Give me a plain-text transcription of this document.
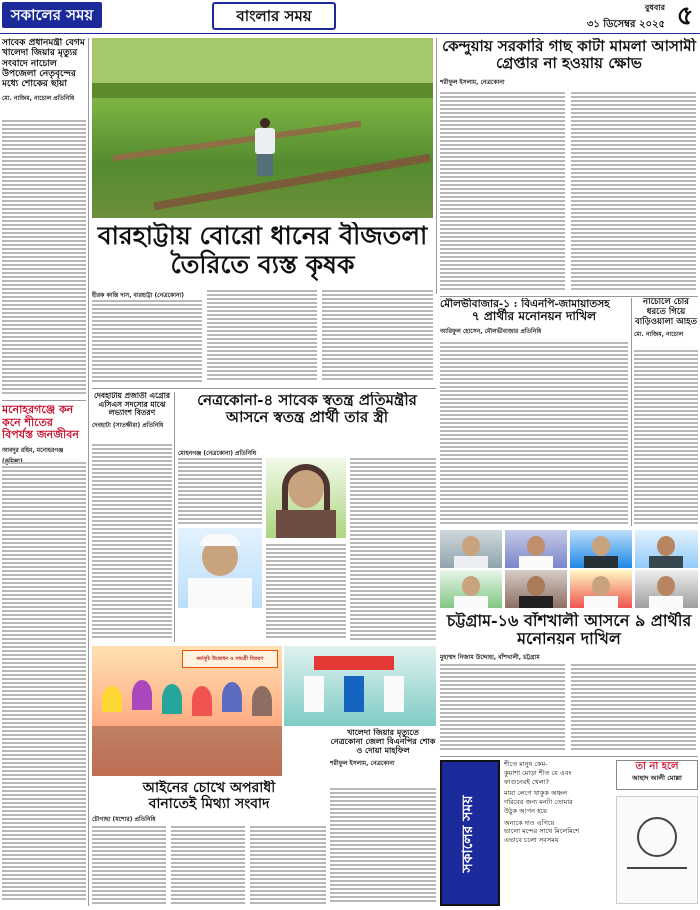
সকালের সময়	বাংলার সময়	বুধবার
৩১ ডিসেম্বর ২০২৫ ৫
সাবেক প্রধানমন্ত্রী বেগম খালেদা জিয়ার মৃত্যুর সংবাদে নাচোল উপজেলা নেতৃবৃন্দের মধ্যে শোকের ছায়া
মো. নাজিম, নাচোল প্রতিনিধি
মনোহরগঞ্জে কন কনে শীতের বিপর্যস্ত জনজীবন
আবদুর রহিম, মনোহরগঞ্জ
বারহাট্টায় বোরো ধানের বীজতলা
তৈরিতে ব্যস্ত কৃষক
হীরক কান্তি দাস, বারহাট্টা (নেত্রকোনা)
কেন্দুয়ায় সরকারি গাছ কাটা মামলা আসামী গ্রেপ্তার না হওয়ায় ক্ষোভ
শরীফুল ইসলাম, নেত্রকোনা
মৌলভীবাজার-১ : বিএনপি-জামায়াতসহ
৭ প্রার্থীর মনোনয়ন দাখিল
আরিফুল হোসেন, মৌলভীবাজার প্রতিনিধি
নাচোলে চোর ধরতে গিয়ে বাড়িওয়ালা আহত
মো. নাজিম, নাচোল
চট্টগ্রাম-১৬ বাঁশখালী আসনে ৯ প্রার্থীর মনোনয়ন দাখিল
মুহাম্মদ নিজাম উদ্দোহা, বাঁশখালী, চট্টগ্রাম
দেবহাটায় প্রজাতী এগ্রোর এসিএস সদস্যের মাঝে লভ্যাংশ বিতরণ
দেবহাটা (সাতক্ষীরা) প্রতিনিধি
নেত্রকোনা-৪ সাবেক স্বতন্ত্র প্রতিমন্ত্রীর
আসনে স্বতন্ত্র প্রার্থী তার স্ত্রী
মোহনগঞ্জ (নেত্রকোনা) প্রতিনিধি
কর্মসূচি উদ্বোধন ও সামগ্রী বিতরণ
খালেদা জিয়ার মৃত্যুতে নেত্রকোনা জেলা বিএনপির শোক ও দোয়া মাহফিল
শরীফুল ইসলাম, নেত্রকোনা
আইনের চোখে অপরাধী
বানাতেই মিথ্যা সংবাদ
চৌগাছা (যশোর) প্রতিনিধি	সকালের সময়
তা না হলে
আহাদ আলী মোল্লা
শীতে মানুষ কেম-
কুয়াশা মোড়া শীত যে এবং
ফাগুনেরই খেলা?
মায়া লেগে থাকুক অঞ্চল
গরিবের জন্য মনটা তোমার
উঠুক আপন হয়ে
অন্যকে দাও এগিয়ে
ভালো মন্দের সাথে মিলেমিশে
এভাবে চলো সবসময়
